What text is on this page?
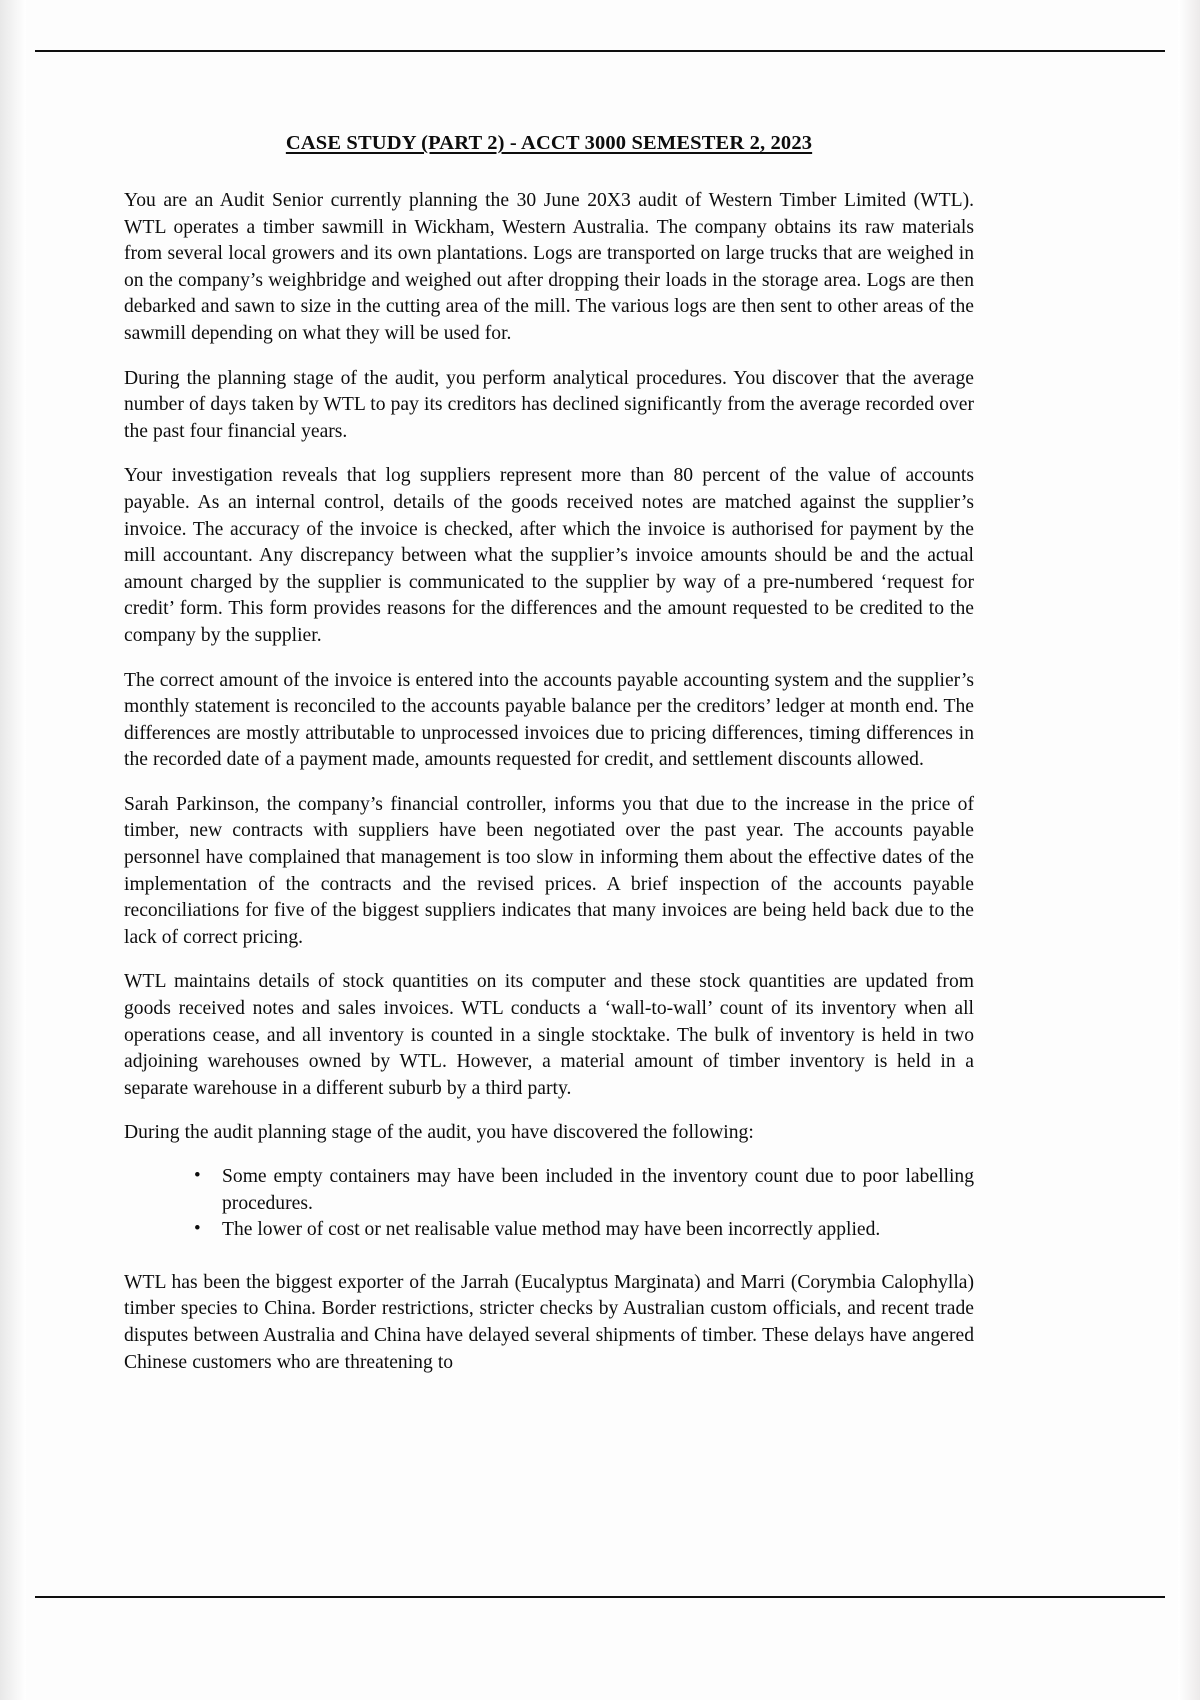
CASE STUDY (PART 2) - ACCT 3000 SEMESTER 2, 2023

You are an Audit Senior currently planning the 30 June 20X3 audit of Western Timber Limited (WTL). WTL operates a timber sawmill in Wickham, Western Australia. The company obtains its raw materials from several local growers and its own plantations. Logs are transported on large trucks that are weighed in on the company’s weighbridge and weighed out after dropping their loads in the storage area. Logs are then debarked and sawn to size in the cutting area of the mill. The various logs are then sent to other areas of the sawmill depending on what they will be used for.

During the planning stage of the audit, you perform analytical procedures. You discover that the average number of days taken by WTL to pay its creditors has declined significantly from the average recorded over the past four financial years.

Your investigation reveals that log suppliers represent more than 80 percent of the value of accounts payable. As an internal control, details of the goods received notes are matched against the supplier’s invoice. The accuracy of the invoice is checked, after which the invoice is authorised for payment by the mill accountant. Any discrepancy between what the supplier’s invoice amounts should be and the actual amount charged by the supplier is communicated to the supplier by way of a pre-numbered ‘request for credit’ form. This form provides reasons for the differences and the amount requested to be credited to the company by the supplier.

The correct amount of the invoice is entered into the accounts payable accounting system and the supplier’s monthly statement is reconciled to the accounts payable balance per the creditors’ ledger at month end. The differences are mostly attributable to unprocessed invoices due to pricing differences, timing differences in the recorded date of a payment made, amounts requested for credit, and settlement discounts allowed.

Sarah Parkinson, the company’s financial controller, informs you that due to the increase in the price of timber, new contracts with suppliers have been negotiated over the past year. The accounts payable personnel have complained that management is too slow in informing them about the effective dates of the implementation of the contracts and the revised prices. A brief inspection of the accounts payable reconciliations for five of the biggest suppliers indicates that many invoices are being held back due to the lack of correct pricing.

WTL maintains details of stock quantities on its computer and these stock quantities are updated from goods received notes and sales invoices. WTL conducts a ‘wall-to-wall’ count of its inventory when all operations cease, and all inventory is counted in a single stocktake. The bulk of inventory is held in two adjoining warehouses owned by WTL. However, a material amount of timber inventory is held in a separate warehouse in a different suburb by a third party.

During the audit planning stage of the audit, you have discovered the following:

• Some empty containers may have been included in the inventory count due to poor labelling procedures.
• The lower of cost or net realisable value method may have been incorrectly applied.

WTL has been the biggest exporter of the Jarrah (Eucalyptus Marginata) and Marri (Corymbia Calophylla) timber species to China. Border restrictions, stricter checks by Australian custom officials, and recent trade disputes between Australia and China have delayed several shipments of timber. These delays have angered Chinese customers who are threatening to
